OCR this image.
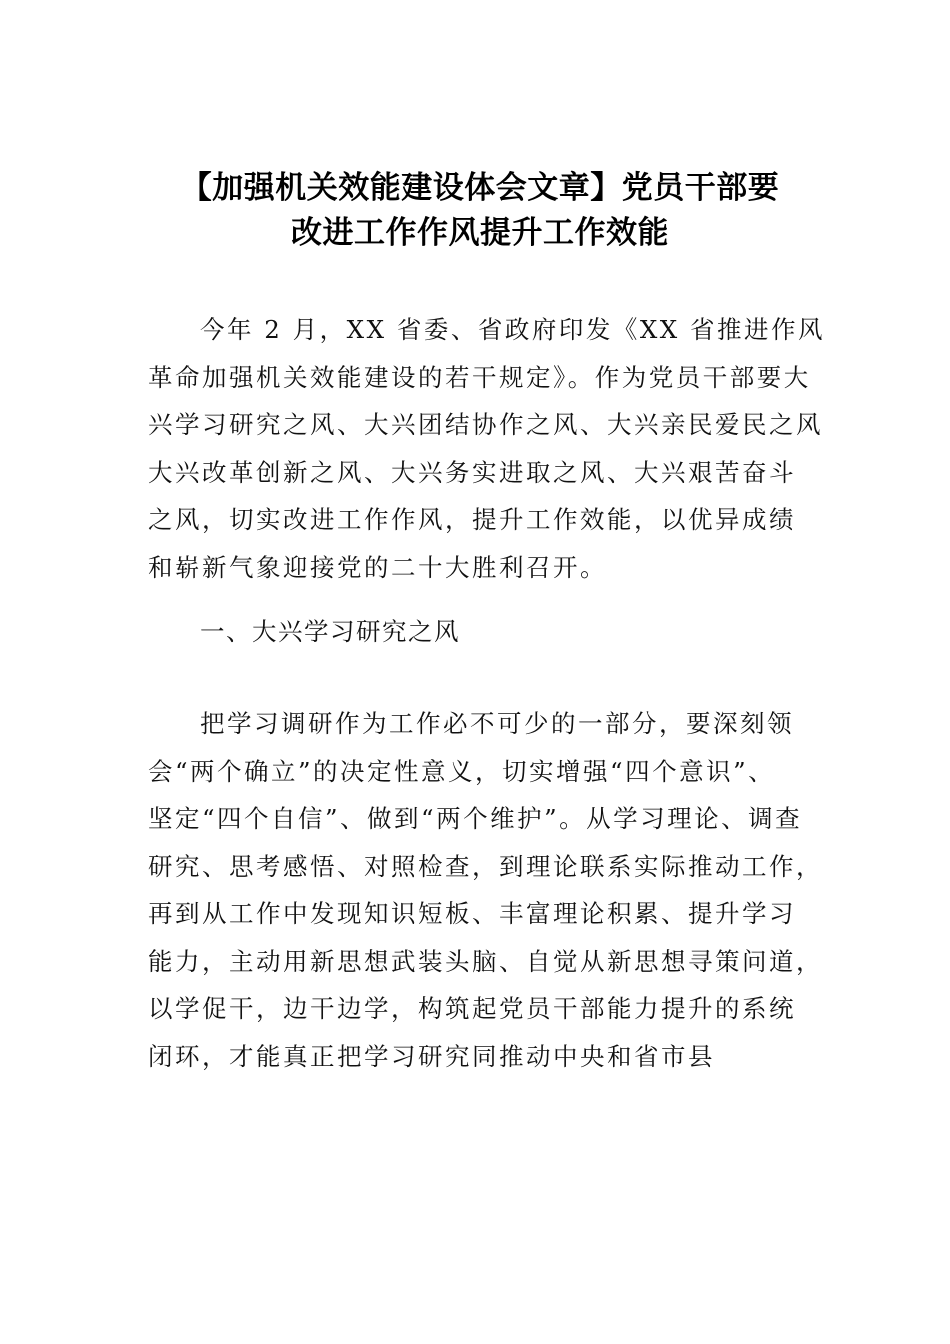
【加强机关效能建设体会文章】党员干部要
改进工作作风提升工作效能
今年 2 月，XX 省委、省政府印发《XX 省推进作风
革命加强机关效能建设的若干规定》。作为党员干部要大
兴学习研究之风、大兴团结协作之风、大兴亲民爱民之风
大兴改革创新之风、大兴务实进取之风、大兴艰苦奋斗
之风，切实改进工作作风，提升工作效能，以优异成绩
和崭新气象迎接党的二十大胜利召开。
一、大兴学习研究之风
把学习调研作为工作必不可少的一部分，要深刻领
会“两个确立”的决定性意义，切实增强“四个意识”、
坚定“四个自信”、做到“两个维护”。从学习理论、调查
研究、思考感悟、对照检查，到理论联系实际推动工作，
再到从工作中发现知识短板、丰富理论积累、提升学习
能力，主动用新思想武装头脑、自觉从新思想寻策问道，
以学促干，边干边学，构筑起党员干部能力提升的系统
闭环，才能真正把学习研究同推动中央和省市县
